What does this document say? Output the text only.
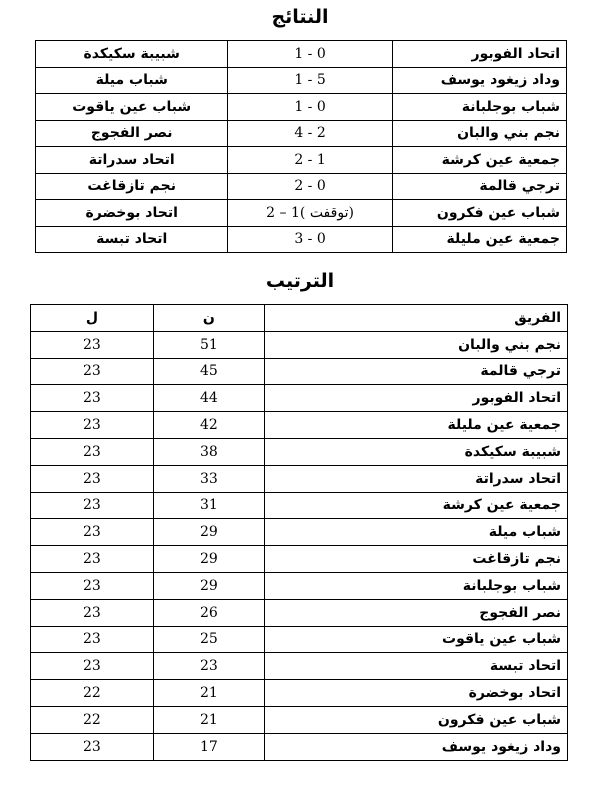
النتائج
شبيبة سكيكدة	1 - 0	اتحاد الفوبور
شباب ميلة	1 - 5	وداد زيغود يوسف
شباب عين ياقوت	1 - 0	شباب بوجلبانة
نصر الفجوج	4 - 2	نجم بني والبان
اتحاد سدراتة	2 - 1	جمعية عين كرشة
نجم تازقاغت	2 - 0	ترجي قالمة
اتحاد بوخضرة	2 – 1( توقفت)	شباب عين فكرون
اتحاد تبسة	3 - 0	جمعية عين مليلة
الترتيب
ل	ن	الفريق
23	51	نجم بني والبان
23	45	ترجي قالمة
23	44	اتحاد الفوبور
23	42	جمعية عين مليلة
23	38	شبيبة سكيكدة
23	33	اتحاد سدراتة
23	31	جمعية عين كرشة
23	29	شباب ميلة
23	29	نجم تازقاغت
23	29	شباب بوجلبانة
23	26	نصر الفجوج
23	25	شباب عين ياقوت
23	23	اتحاد تبسة
22	21	اتحاد بوخضرة
22	21	شباب عين فكرون
23	17	وداد زيغود يوسف
